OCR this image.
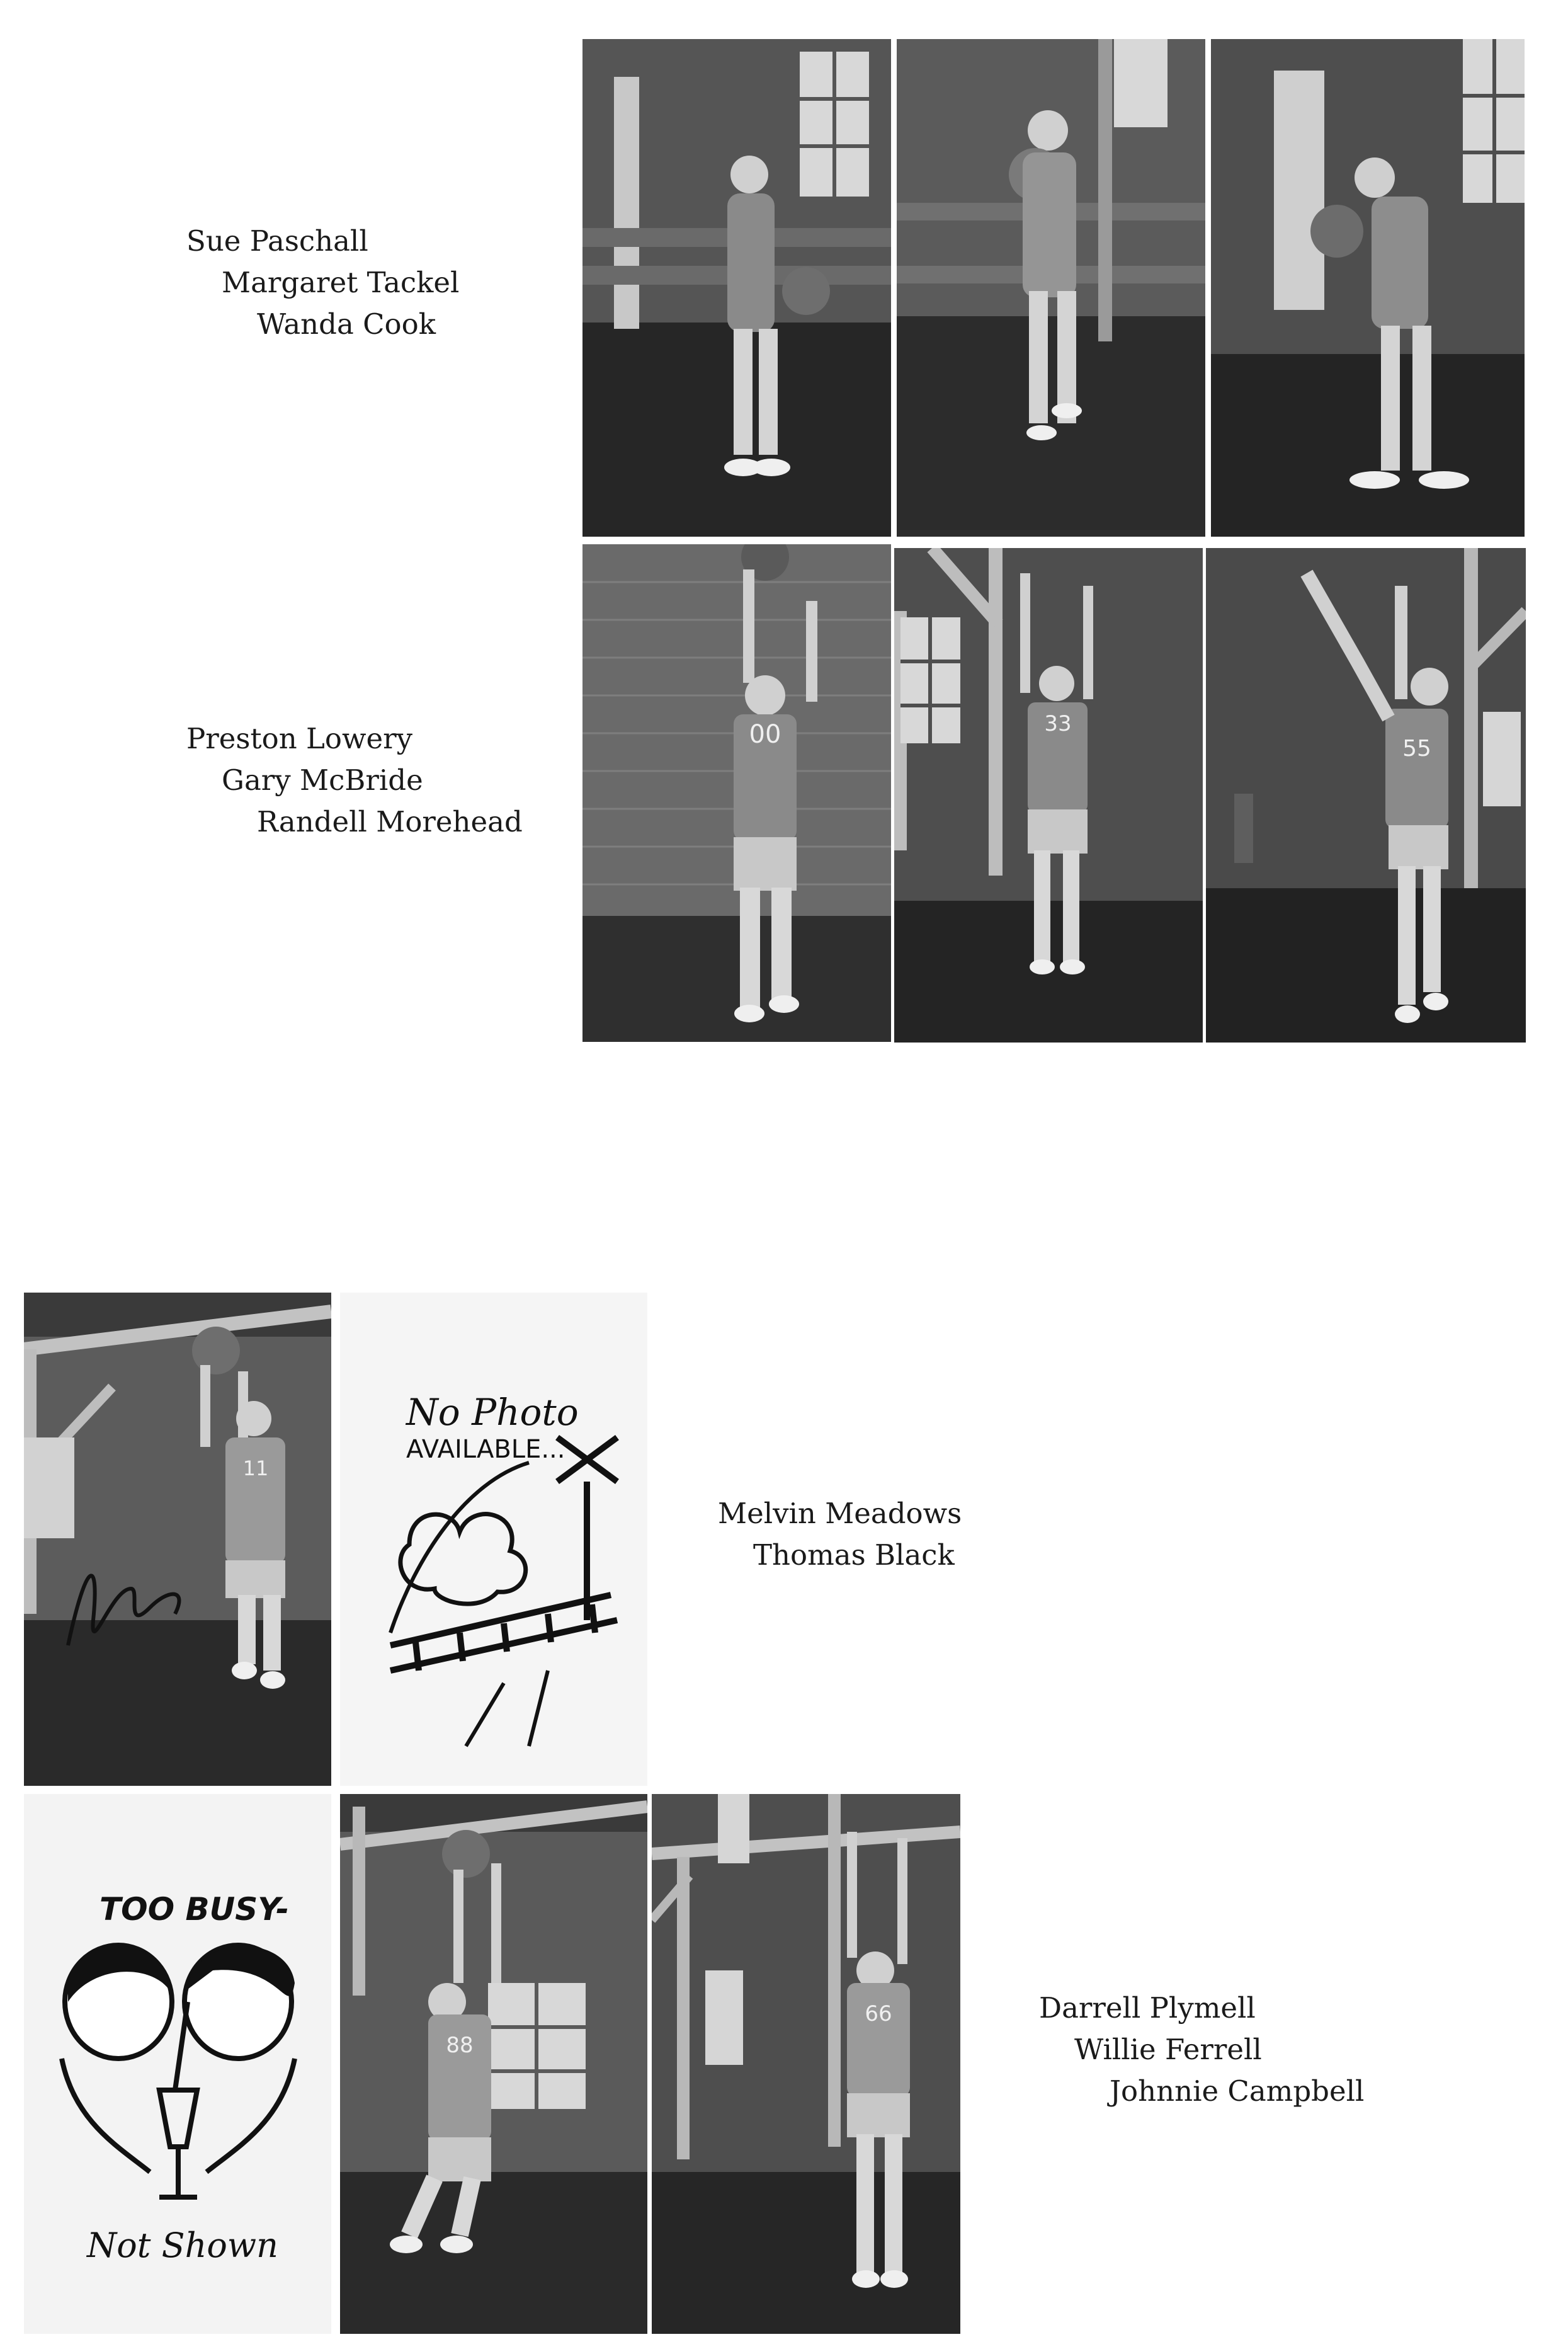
Sue Paschall
Margaret Tackel
Wanda Cook
Preston Lowery
Gary McBride
Randell Morehead
Melvin Meadows
Thomas Black
Darrell Plymell
Willie Ferrell
Johnnie Campbell
00	33
55
11
No Photo
AVAILABLE...
TOO BUSY-
Not Shown
88
66
